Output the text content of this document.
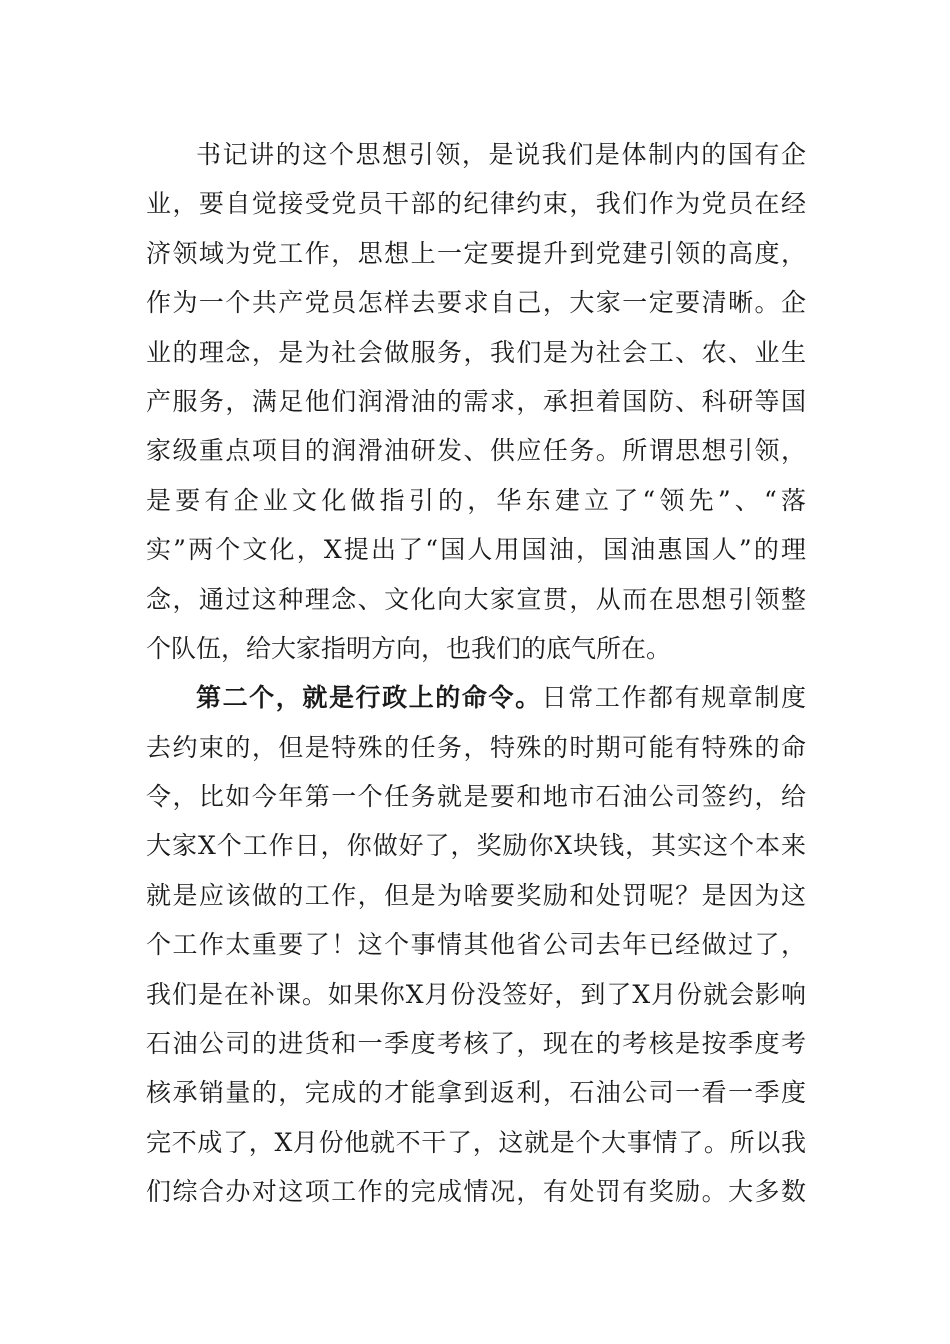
书记讲的这个思想引领，是说我们是体制内的国有企
业，要自觉接受党员干部的纪律约束，我们作为党员在经
济领域为党工作，思想上一定要提升到党建引领的高度，
作为一个共产党员怎样去要求自己，大家一定要清晰。企
业的理念，是为社会做服务，我们是为社会工、农、业生
产服务，满足他们润滑油的需求，承担着国防、科研等国
家级重点项目的润滑油研发、供应任务。所谓思想引领，
是要有企业文化做指引的，华东建立了“领先”、“落
实”两个文化，X提出了“国人用国油，国油惠国人”的理
念，通过这种理念、文化向大家宣贯，从而在思想引领整
个队伍，给大家指明方向，也我们的底气所在。
第二个，就是行政上的命令。日常工作都有规章制度
去约束的，但是特殊的任务，特殊的时期可能有特殊的命
令，比如今年第一个任务就是要和地市石油公司签约，给
大家X个工作日，你做好了，奖励你X块钱，其实这个本来
就是应该做的工作，但是为啥要奖励和处罚呢？是因为这
个工作太重要了！这个事情其他省公司去年已经做过了，
我们是在补课。如果你X月份没签好，到了X月份就会影响
石油公司的进货和一季度考核了，现在的考核是按季度考
核承销量的，完成的才能拿到返利，石油公司一看一季度
完不成了，X月份他就不干了，这就是个大事情了。所以我
们综合办对这项工作的完成情况，有处罚有奖励。大多数
